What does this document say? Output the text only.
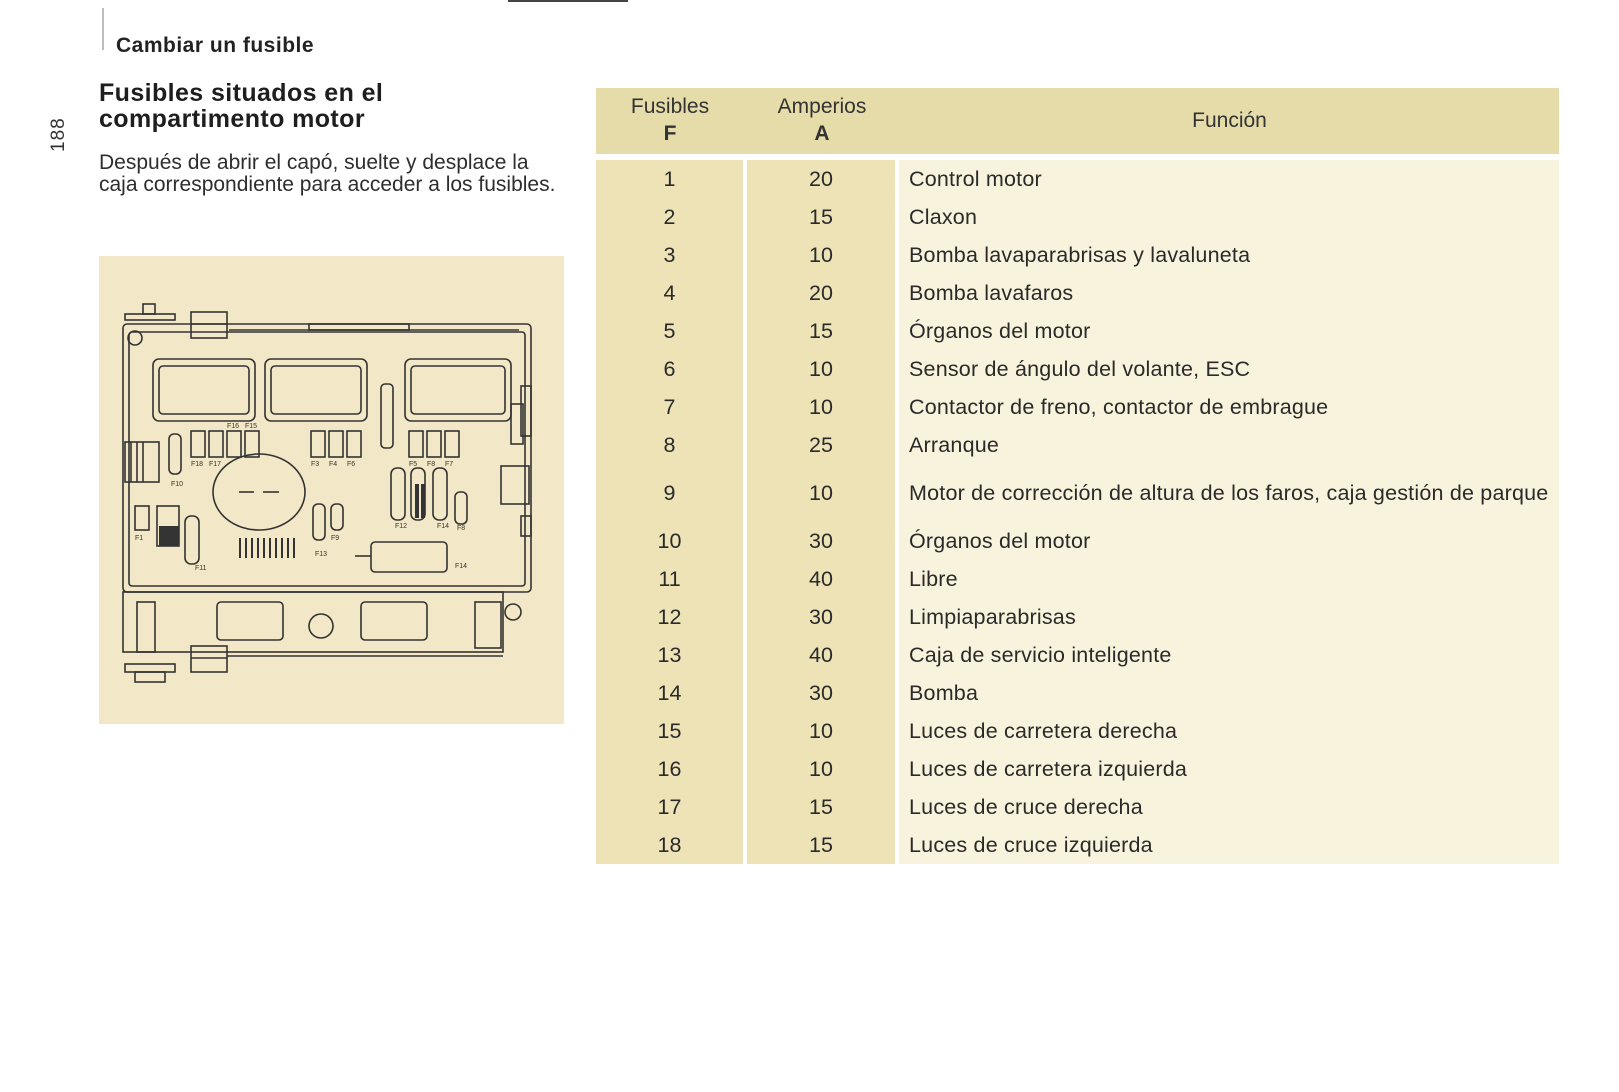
Cambiar un fusible
188
Fusibles situados en el compartimento motor
Después de abrir el capó, suelte y desplace la caja correspondiente para acceder a los fusibles.
F16 F15
F18 F17	F3 F4 F6	F5 F8 F7
F10
F1	F9
F11
F13
F12
F14
F14 F8
Fusibles
F
Amperios
A
Función
1	20	Control motor
2	15	Claxon
3	10	Bomba lavaparabrisas y lavaluneta
4	20	Bomba lavafaros
5	15	Órganos del motor
6	10	Sensor de ángulo del volante, ESC
7	10	Contactor de freno, contactor de embrague
8	25	Arranque
9	10	Motor de corrección de altura de los faros, caja gestión de parque
10	30	Órganos del motor
11	40	Libre
12	30	Limpiaparabrisas
13	40	Caja de servicio inteligente
14	30	Bomba
15	10	Luces de carretera derecha
16	10	Luces de carretera izquierda
17	15	Luces de cruce derecha
18	15	Luces de cruce izquierda
